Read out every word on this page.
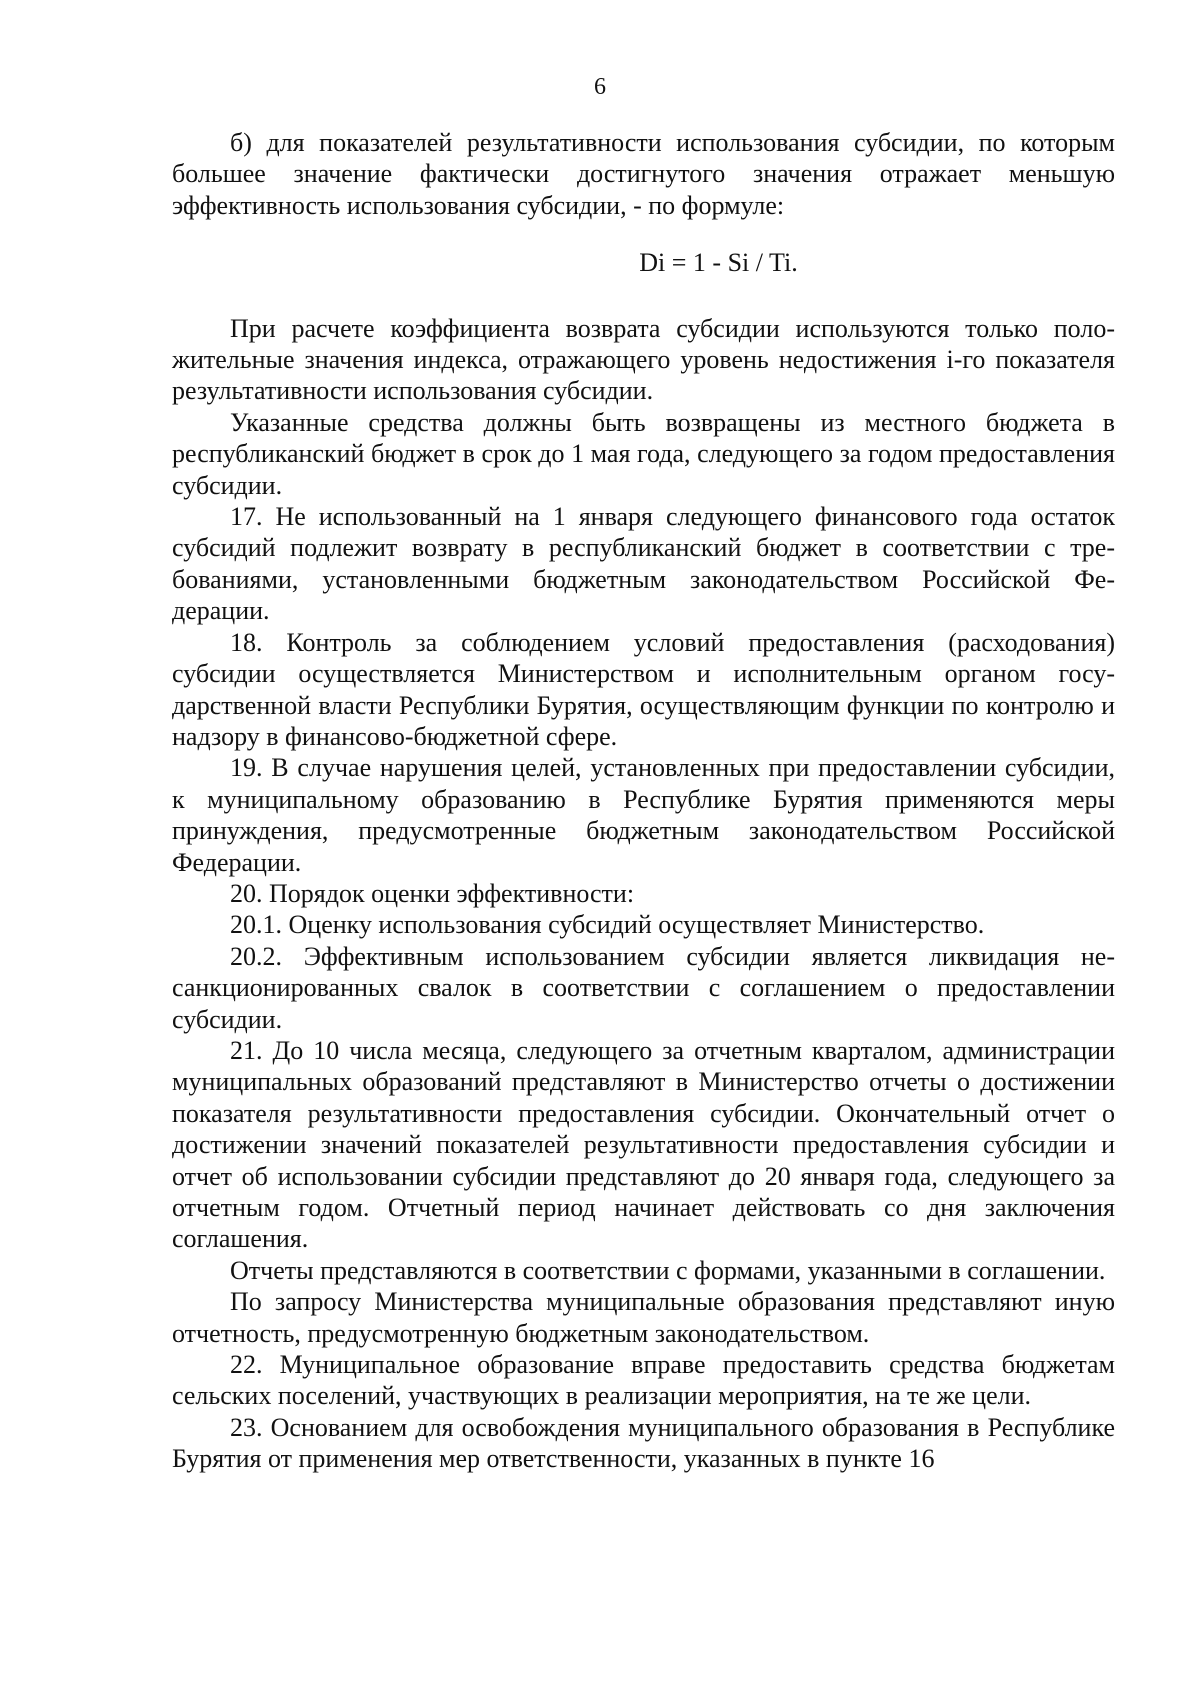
6

б) для показателей результативности использования субсидии, по которым большее значение фактически достигнутого значения отражает меньшую эффективность использования субсидии, - по формуле:

Di = 1 - Si / Ti.

При расчете коэффициента возврата субсидии используются только положительные значения индекса, отражающего уровень недостижения i-го показателя результативности использования субсидии.

Указанные средства должны быть возвращены из местного бюджета в республиканский бюджет в срок до 1 мая года, следующего за годом предоставления субсидии.

17. Не использованный на 1 января следующего финансового года остаток субсидий подлежит возврату в республиканский бюджет в соответствии с требованиями, установленными бюджетным законодательством Российской Федерации.

18. Контроль за соблюдением условий предоставления (расходования) субсидии осуществляется Министерством и исполнительным органом государственной власти Республики Бурятия, осуществляющим функции по контролю и надзору в финансово-бюджетной сфере.

19. В случае нарушения целей, установленных при предоставлении субсидии, к муниципальному образованию в Республике Бурятия применяются меры принуждения, предусмотренные бюджетным законодательством Российской Федерации.

20. Порядок оценки эффективности:

20.1. Оценку использования субсидий осуществляет Министерство.

20.2. Эффективным использованием субсидии является ликвидация несанкционированных свалок в соответствии с соглашением о предоставлении субсидии.

21. До 10 числа месяца, следующего за отчетным кварталом, администрации муниципальных образований представляют в Министерство отчеты о достижении показателя результативности предоставления субсидии. Окончательный отчет о достижении значений показателей результативности предоставления субсидии и отчет об использовании субсидии представляют до 20 января года, следующего за отчетным годом. Отчетный период начинает действовать со дня заключения соглашения.

Отчеты представляются в соответствии с формами, указанными в соглашении.

По запросу Министерства муниципальные образования представляют иную отчетность, предусмотренную бюджетным законодательством.

22. Муниципальное образование вправе предоставить средства бюджетам сельских поселений, участвующих в реализации мероприятия, на те же цели.

23. Основанием для освобождения муниципального образования в Республике Бурятия от применения мер ответственности, указанных в пункте 16
